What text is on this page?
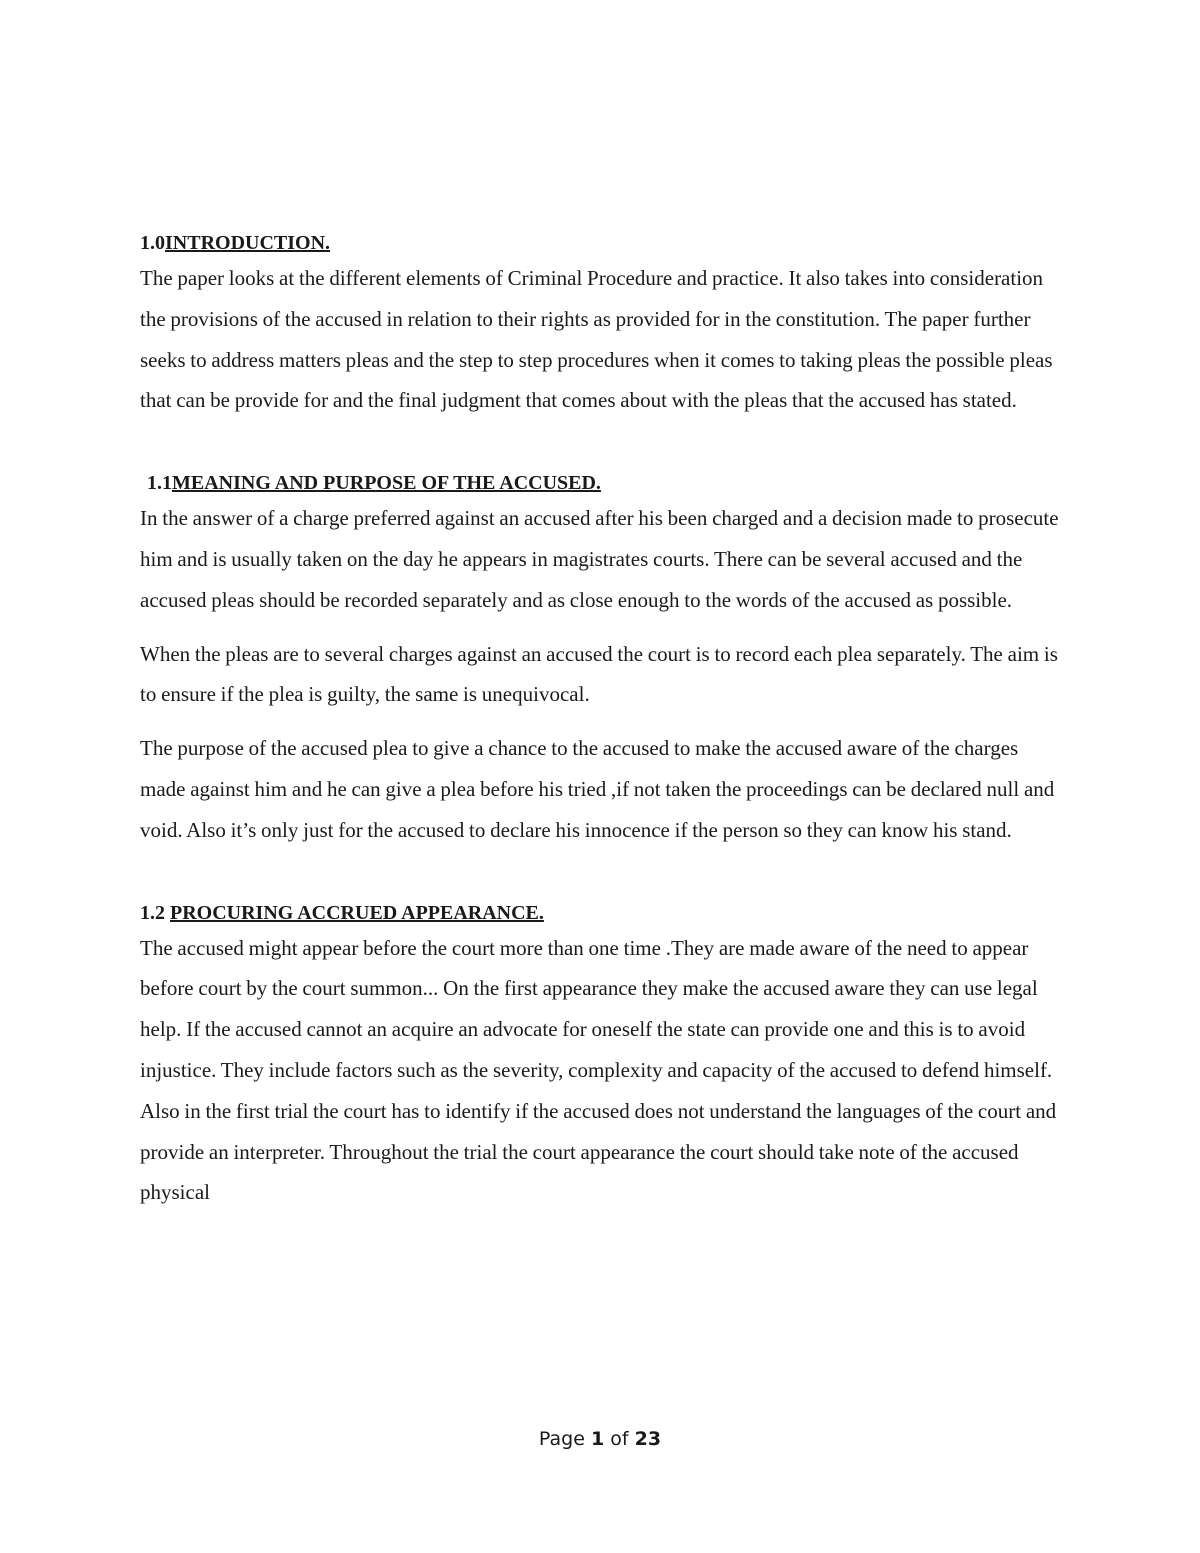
1.0INTRODUCTION.

The paper looks at the different elements of Criminal Procedure and practice. It also takes into consideration the provisions of the accused in relation to their rights as provided for in the constitution. The paper further seeks to address matters pleas and the step to step procedures when it comes to taking pleas the possible pleas that can be provide for and the final judgment that comes about with the pleas that the accused has stated.

1.1MEANING AND PURPOSE OF THE ACCUSED.

In the answer of a charge preferred against an accused after his been charged and a decision made to prosecute him and is usually taken on the day he appears in magistrates courts. There can be several accused and the accused pleas should be recorded separately and as close enough to the words of the accused as possible.

When the pleas are to several charges against an accused the court is to record each plea separately. The aim is to ensure if the plea is guilty, the same is unequivocal.

The purpose of the accused plea to give a chance to the accused to make the accused aware of the charges made against him and he can give a plea before his tried ,if not taken the proceedings can be declared null and void. Also it’s only just for the accused to declare his innocence if the person so they can know his stand.

1.2 PROCURING ACCRUED APPEARANCE.

The accused might appear before the court more than one time .They are made aware of the need to appear before court by the court summon... On the first appearance they make the accused aware they can use legal help. If the accused cannot an acquire an advocate for oneself the state can provide one and this is to avoid injustice. They include factors such as the severity, complexity and capacity of the accused to defend himself. Also in the first trial the court has to identify if the accused does not understand the languages of the court and provide an interpreter. Throughout the trial the court appearance the court should take note of the accused physical

Page 1 of 23
